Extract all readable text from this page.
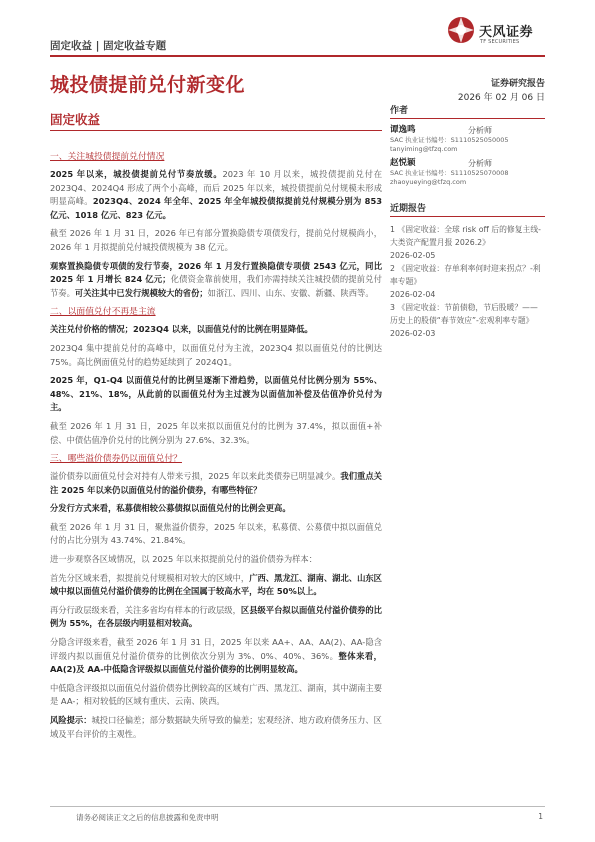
固定收益 | 固定收益专题
天风证券
TF SECURITIES
城投债提前兑付新变化
固定收益
证券研究报告
2026 年 02 月 06 日
一、关注城投债提前兑付情况
2025 年以来，城投债提前兑付节奏放缓。2023 年 10 月以来，城投债提前兑付在 2023Q4、2024Q4 形成了两个小高峰，而后 2025 年以来，城投债提前兑付规模未形成明显高峰。2023Q4、2024 年全年、2025 年全年城投债拟提前兑付规模分别为 853 亿元、1018 亿元、823 亿元。
截至 2026 年 1 月 31 日，2026 年已有部分置换隐债专项债发行，提前兑付规模尚小，2026 年 1 月拟提前兑付城投债规模为 38 亿元。
观察置换隐债专项债的发行节奏，2026 年 1 月发行置换隐债专项债 2543 亿元，同比 2025 年 1 月增长 824 亿元；化债资金靠前使用，我们亦需持续关注城投债的提前兑付节奏。可关注其中已发行规模较大的省份；如浙江、四川、山东、安徽、新疆、陕西等。
二、以面值兑付不再是主流
关注兑付价格的情况；2023Q4 以来，以面值兑付的比例在明显降低。
2023Q4 集中提前兑付的高峰中，以面值兑付为主流，2023Q4 拟以面值兑付的比例达 75%。高比例面值兑付的趋势延续到了 2024Q1。
2025 年，Q1-Q4 以面值兑付的比例呈逐渐下滑趋势，以面值兑付比例分别为 55%、48%、21%、18%，从此前的以面值兑付为主过渡为以面值加补偿及估值净价兑付为主。
截至 2026 年 1 月 31 日，2025 年以来拟以面值兑付的比例为 37.4%，拟以面值+补偿、中债估值净价兑付的比例分别为 27.6%、32.3%。
三、哪些溢价债券仍以面值兑付？
溢价债券以面值兑付会对持有人带来亏损，2025 年以来此类债券已明显减少。我们重点关注 2025 年以来仍以面值兑付的溢价债券，有哪些特征？
分发行方式来看，私募债相较公募债拟以面值兑付的比例会更高。
截至 2026 年 1 月 31 日，聚焦溢价债券，2025 年以来，私募债、公募债中拟以面值兑付的占比分别为 43.74%、21.84%。
进一步观察各区域情况，以 2025 年以来拟提前兑付的溢价债券为样本：
首先分区域来看，拟提前兑付规模相对较大的区域中，广西、黑龙江、湖南、湖北、山东区域中拟以面值兑付溢价债券的比例在全国属于较高水平，均在 50%以上。
再分行政层级来看，关注多省均有样本的行政层级，区县级平台拟以面值兑付溢价债券的比例为 55%，在各层级内明显相对较高。
分隐含评级来看，截至 2026 年 1 月 31 日，2025 年以来 AA+、AA、AA(2)、AA-隐含评级内拟以面值兑付溢价债券的比例依次分别为 3%、0%、40%、36%。整体来看，AA(2)及 AA-中低隐含评级拟以面值兑付溢价债券的比例明显较高。
中低隐含评级拟以面值兑付溢价债券比例较高的区域有广西、黑龙江、湖南，其中湖南主要是 AA-；相对较低的区域有重庆、云南、陕西。
风险提示：城投口径偏差；部分数据缺失所导致的偏差；宏观经济、地方政府债务压力、区域及平台评价的主观性。
作者
谭逸鸣	分析师
SAC 执业证书编号：S1110525050005
tanyiming@tfzq.com
赵悦颖	分析师
SAC 执业证书编号：S1110525070008
zhaoyueying@tfzq.com
近期报告
1 《固定收益：全球 risk off 后的修复主线-大类资产配置月报 2026.2》
2026-02-05
2 《固定收益：存单利率何时迎来拐点？-利率专题》
2026-02-04
3 《固定收益：节前债稳，节后股暖？——历史上的股债“春节效应”-宏观利率专题》
2026-02-03
请务必阅读正文之后的信息披露和免责申明	1
